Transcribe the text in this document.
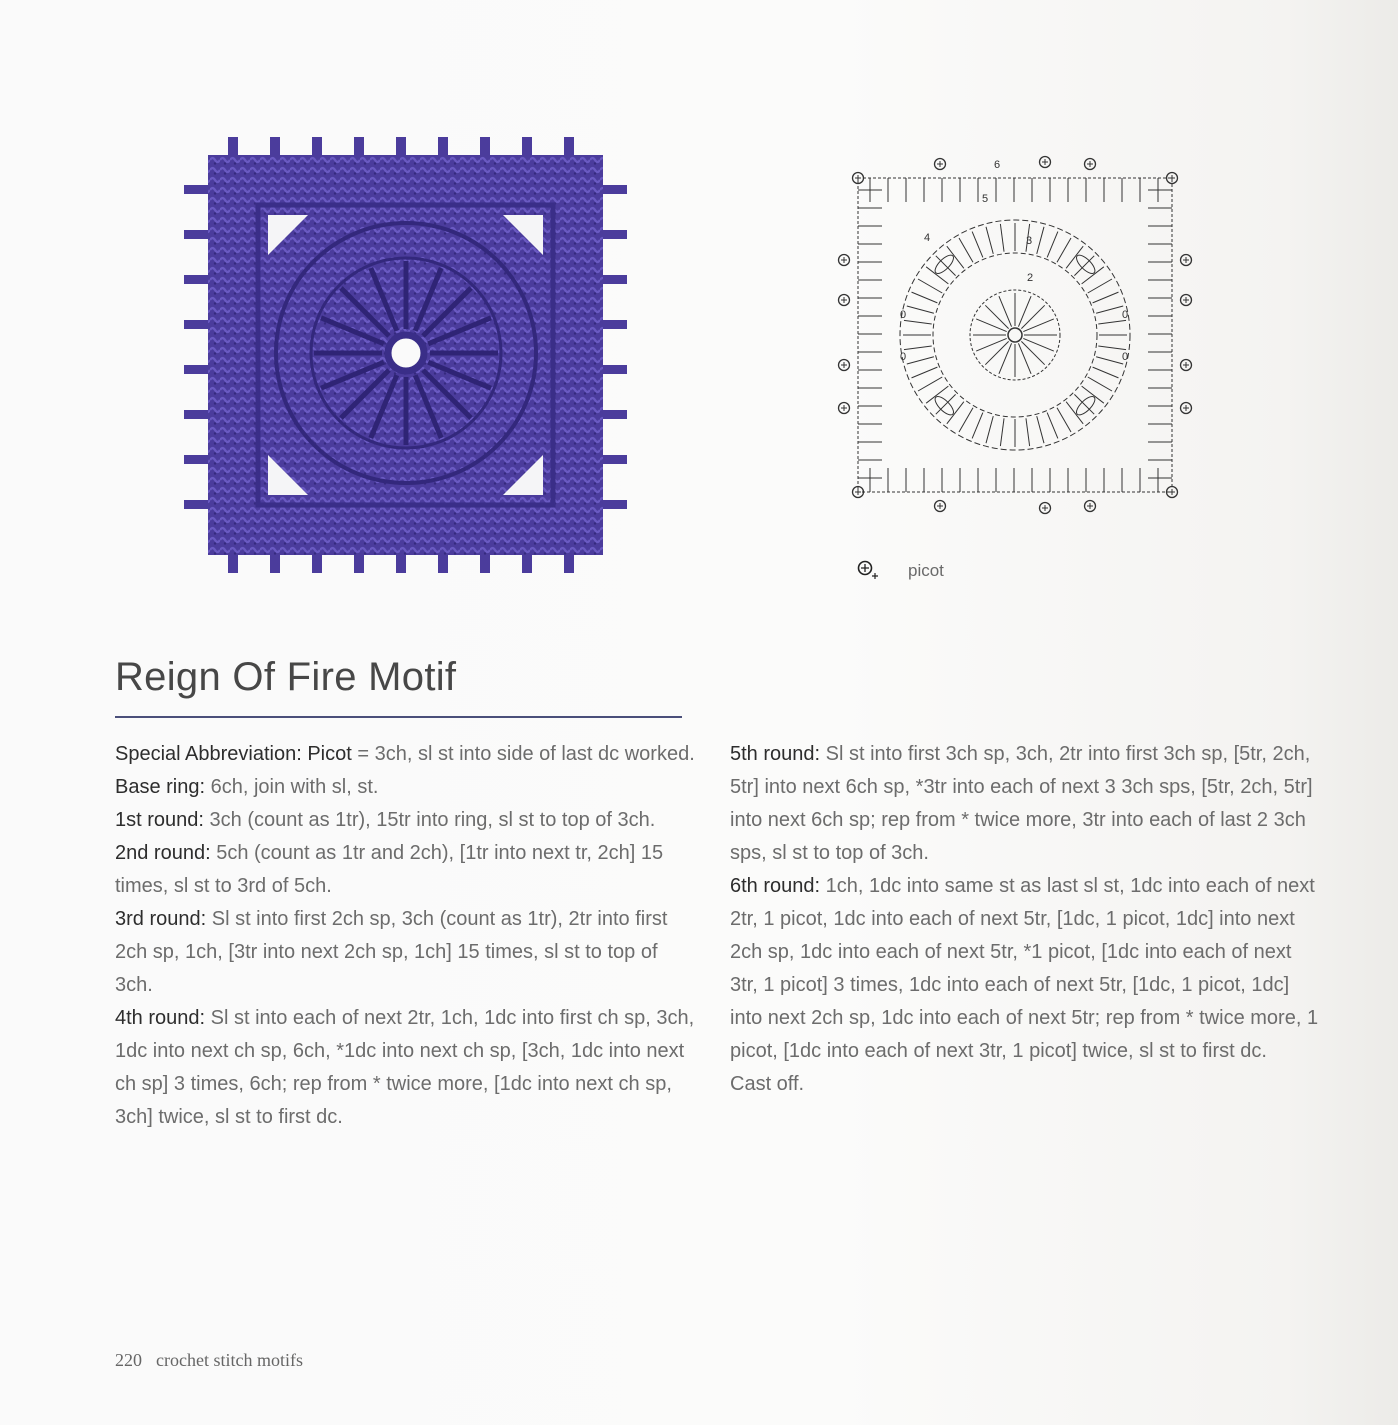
6
5
4	3
2
0
0
0
0
picot
Reign Of Fire Motif

Special Abbreviation: Picot = 3ch, sl st into side of last dc worked.

Base ring: 6ch, join with sl, st.

1st round: 3ch (count as 1tr), 15tr into ring, sl st to top of 3ch.

2nd round: 5ch (count as 1tr and 2ch), [1tr into next tr, 2ch] 15 times, sl st to 3rd of 5ch.

3rd round: Sl st into first 2ch sp, 3ch (count as 1tr), 2tr into first 2ch sp, 1ch, [3tr into next 2ch sp, 1ch] 15 times, sl st to top of 3ch.

4th round: Sl st into each of next 2tr, 1ch, 1dc into first ch sp, 3ch, 1dc into next ch sp, 6ch, *1dc into next ch sp, [3ch, 1dc into next ch sp] 3 times, 6ch; rep from * twice more, [1dc into next ch sp, 3ch] twice, sl st to first dc.

5th round: Sl st into first 3ch sp, 3ch, 2tr into first 3ch sp, [5tr, 2ch, 5tr] into next 6ch sp, *3tr into each of next 3 3ch sps, [5tr, 2ch, 5tr] into next 6ch sp; rep from * twice more, 3tr into each of last 2 3ch sps, sl st to top of 3ch.

6th round: 1ch, 1dc into same st as last sl st, 1dc into each of next 2tr, 1 picot, 1dc into each of next 5tr, [1dc, 1 picot, 1dc] into next 2ch sp, 1dc into each of next 5tr, *1 picot, [1dc into each of next 3tr, 1 picot] 3 times, 1dc into each of next 5tr, [1dc, 1 picot, 1dc] into next 2ch sp, 1dc into each of next 5tr; rep from * twice more, 1 picot, [1dc into each of next 3tr, 1 picot] twice, sl st to first dc.

Cast off.

220 crochet stitch motifs
